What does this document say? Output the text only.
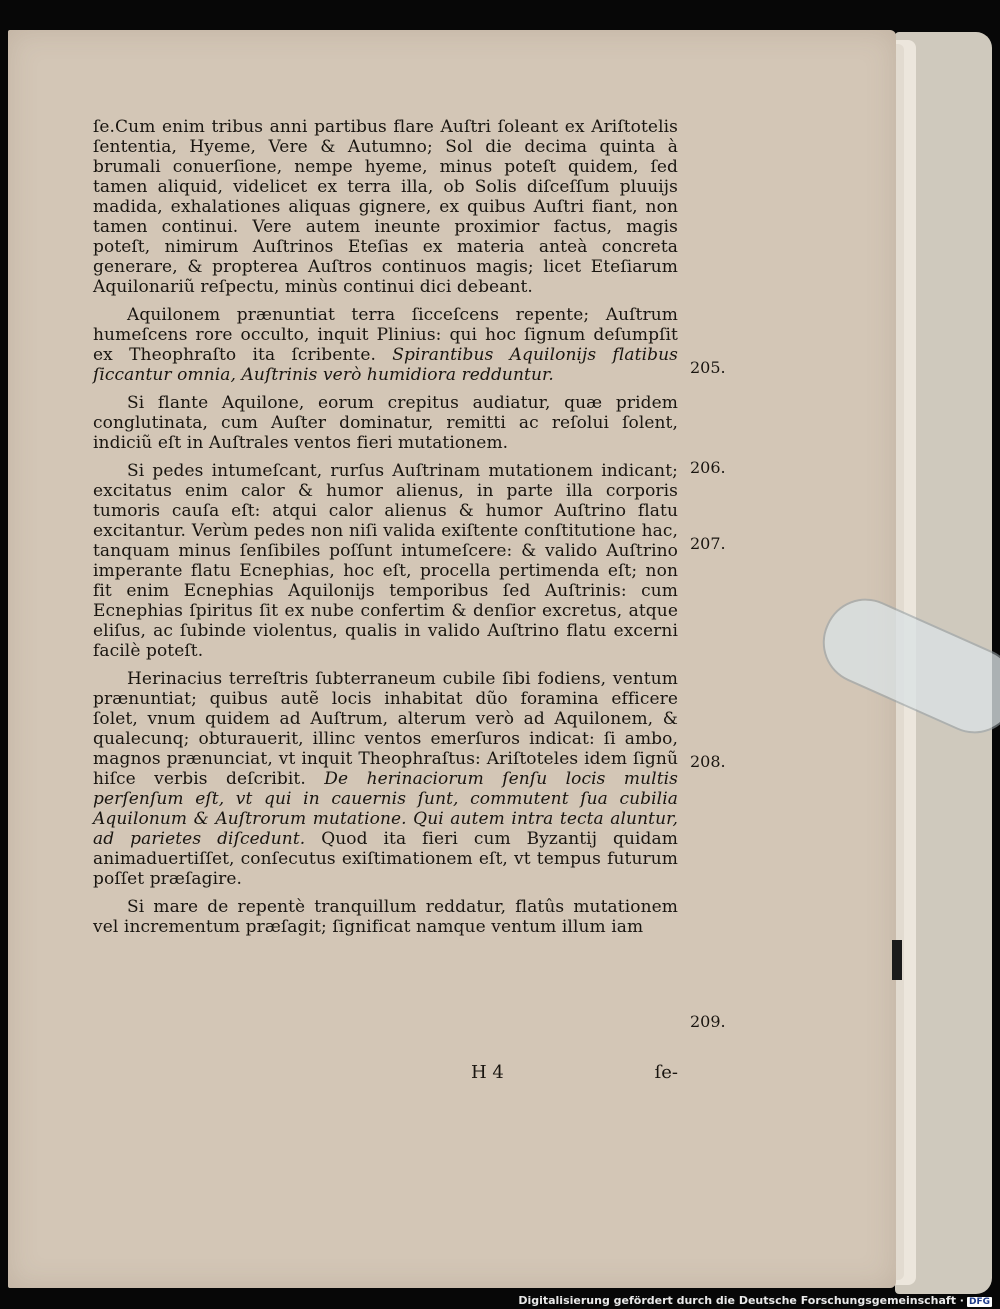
ſe.Cum enim tribus anni partibus flare Auſtri ſoleant ex Ariſtotelis ſententia, Hyeme, Vere & Autumno; Sol die decima quinta à brumali conuerſione, nempe hyeme, minus poteſt quidem, ſed tamen aliquid, videlicet ex terra illa, ob Solis diſceſſum pluuijs madida, exhalationes aliquas gignere, ex quibus Auſtri fiant, non tamen continui. Vere autem ineunte proximior factus, magis poteſt, nimirum Auſtrinos Eteſias ex materia anteà concreta generare, & propterea Auſtros continuos magis; licet Eteſiarum Aquilonariũ reſpectu, minùs continui dici debeant.

Aquilonem prænuntiat terra ſicceſcens repente; Auſtrum humeſcens rore occulto, inquit Plinius: qui hoc ſignum deſumpſit ex Theophraſto ita ſcribente. Spirantibus Aquilonijs flatibus ſiccantur omnia, Auſtrinis verò humidiora redduntur.

Si flante Aquilone, eorum crepitus audiatur, quæ pridem conglutinata, cum Auſter dominatur, remitti ac reſolui ſolent, indiciũ eſt in Auſtrales ventos fieri mutationem.

Si pedes intumeſcant, rurſus Auſtrinam mutationem indicant; excitatus enim calor & humor alienus, in parte illa corporis tumoris cauſa eſt: atqui calor alienus & humor Auſtrino flatu excitantur. Verùm pedes non niſi valida exiſtente conſtitutione hac, tanquam minus ſenſibiles poſſunt intumeſcere: & valido Auſtrino imperante flatu Ecnephias, hoc eſt, procella pertimenda eſt; non fit enim Ecnephias Aquilonijs temporibus ſed Auſtrinis: cum Ecnephias ſpiritus ſit ex nube confertim & denſior excretus, atque eliſus, ac ſubinde violentus, qualis in valido Auſtrino flatu excerni facilè poteſt.

Herinacius terreſtris ſubterraneum cubile ſibi fodiens, ventum prænuntiat; quibus autẽ locis inhabitat dũo foramina efficere ſolet, vnum quidem ad Auſtrum, alterum verò ad Aquilonem, & qualecunq; obturauerit, illinc ventos emerſuros indicat: ſi ambo, magnos prænunciat, vt inquit Theophraſtus: Ariſtoteles idem ſignũ hiſce verbis deſcribit. De herinaciorum ſenſu locis multis perſenſum eſt, vt qui in cauernis ſunt, commutent ſua cubilia Aquilonum & Auſtrorum mutatione. Qui autem intra tecta aluntur, ad parietes diſcedunt. Quod ita fieri cum Byzantij quidam animaduertiſſet, conſecutus exiſtimationem eſt, vt tempus futurum poſſet præſagire.

Si mare de repentè tranquillum reddatur, flatûs mutationem vel incrementum præſagit; ſignificat namque ventum illum iam

205.
206.
207.
208.
209.
H 4	ſe-
Digitalisierung gefördert durch die Deutsche Forschungsgemeinschaft · DFG
